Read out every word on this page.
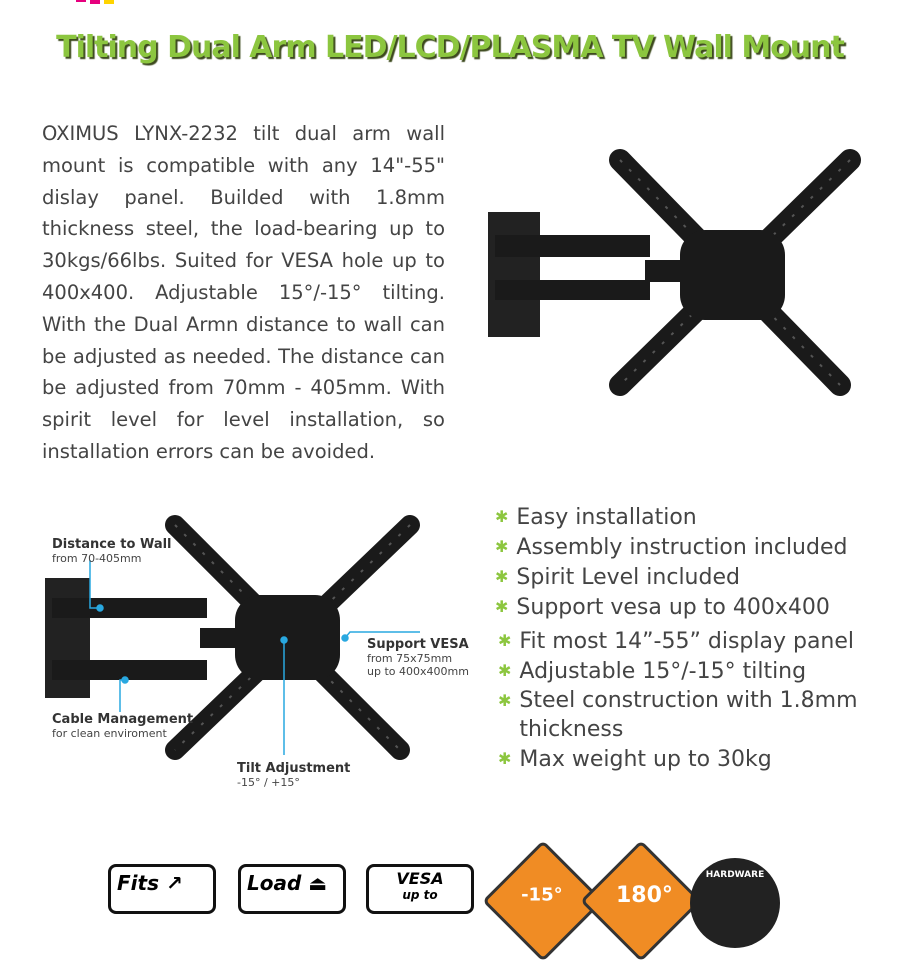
Tilting Dual Arm LED/LCD/PLASMA TV Wall Mount
OXIMUS LYNX-2232 tilt dual arm wall mount is compatible with any 14"-55" dislay panel. Builded with 1.8mm thickness steel, the load-bearing up to 30kgs/66lbs. Suited for VESA hole up to 400x400. Adjustable 15°/-15° tilting. With the Dual Armn distance to wall can be adjusted as needed. The distance can be adjusted from 70mm - 405mm. With spirit level for level installation, so installation errors can be avoided.
Distance to Wall
from 70-405mm
Support VESA
from 75x75mm
up to 400x400mm
Cable Management
for clean enviroment
Tilt Adjustment
-15° / +15°
✱ Easy installation
✱ Assembly instruction included
✱ Spirit Level included
✱ Support vesa up to 400x400
✱ Fit most 14”-55” display panel
✱ Adjustable 15°/-15° tilting
✱ Steel construction with 1.8mm thickness
✱ Max weight up to 30kg
Fits ↗	Load ⏏	VESA
up to	-15°	180°
HARDWARE
